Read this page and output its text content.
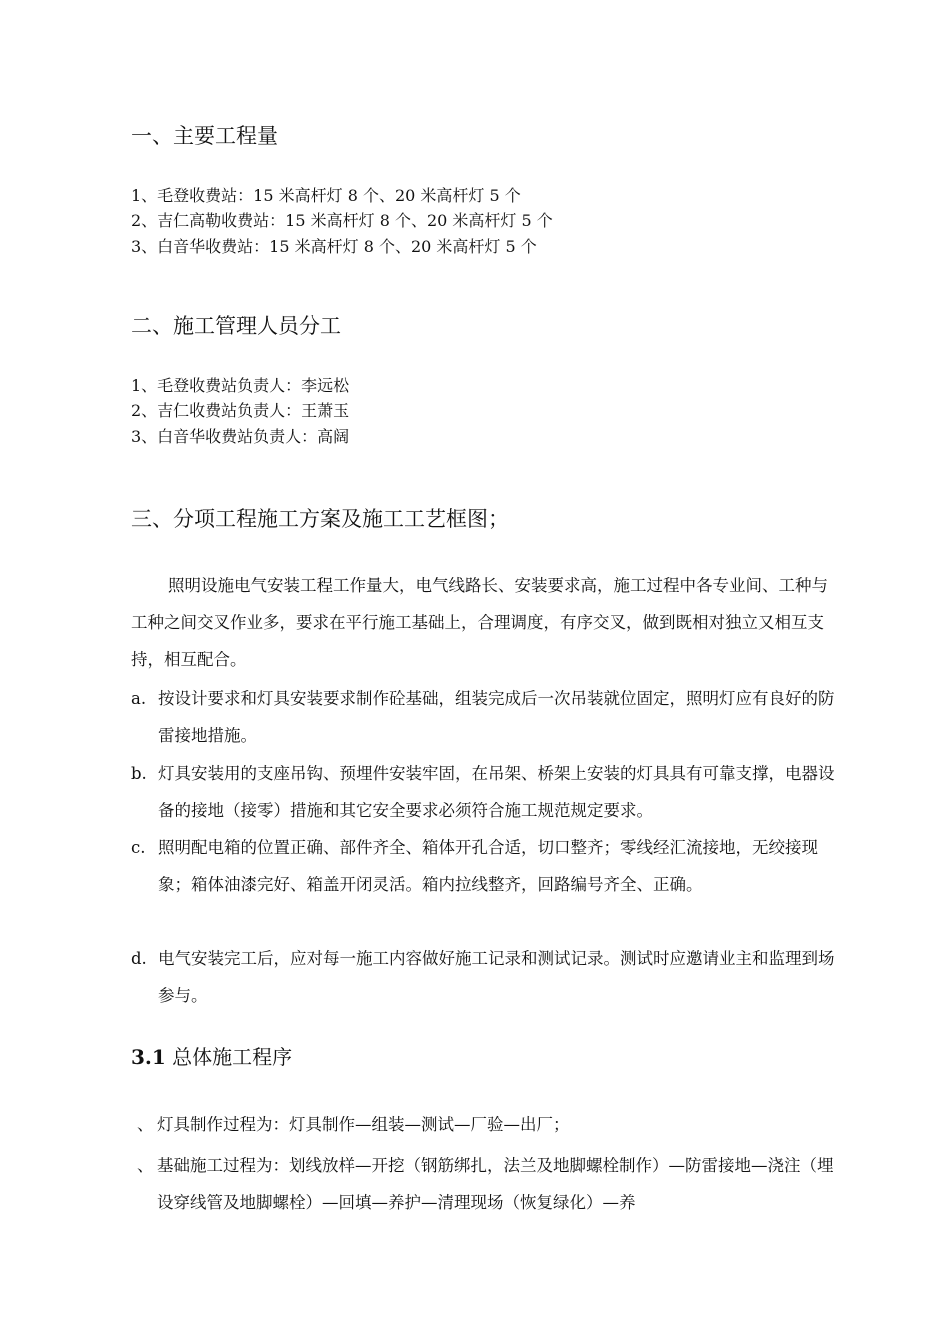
一、主要工程量
1、毛登收费站：15 米高杆灯 8 个、20 米高杆灯 5 个
2、吉仁高勒收费站：15 米高杆灯 8 个、20 米高杆灯 5 个
3、白音华收费站：15 米高杆灯 8 个、20 米高杆灯 5 个
二、施工管理人员分工
1、毛登收费站负责人：李远松
2、吉仁收费站负责人：王萧玉
3、白音华收费站负责人：高阔
三、分项工程施工方案及施工工艺框图；
照明设施电气安装工程工作量大，电气线路长、安装要求高，施工过程中各专业间、工种与工种之间交叉作业多，要求在平行施工基础上，合理调度，有序交叉，做到既相对独立又相互支持，相互配合。
a. 按设计要求和灯具安装要求制作砼基础，组装完成后一次吊装就位固定，照明灯应有良好的防雷接地措施。
b. 灯具安装用的支座吊钩、预埋件安装牢固，在吊架、桥架上安装的灯具具有可靠支撑，电器设备的接地（接零）措施和其它安全要求必须符合施工规范规定要求。
c. 照明配电箱的位置正确、部件齐全、箱体开孔合适，切口整齐；零线经汇流接地，无绞接现象；箱体油漆完好、箱盖开闭灵活。箱内拉线整齐，回路编号齐全、正确。
d. 电气安装完工后，应对每一施工内容做好施工记录和测试记录。测试时应邀请业主和监理到场参与。
3.1 总体施工程序
、 灯具制作过程为：灯具制作—组装—测试—厂验—出厂；
、 基础施工过程为：划线放样—开挖（钢筋绑扎，法兰及地脚螺栓制作）—防雷接地—浇注（埋设穿线管及地脚螺栓）—回填—养护—清理现场（恢复绿化）—养
